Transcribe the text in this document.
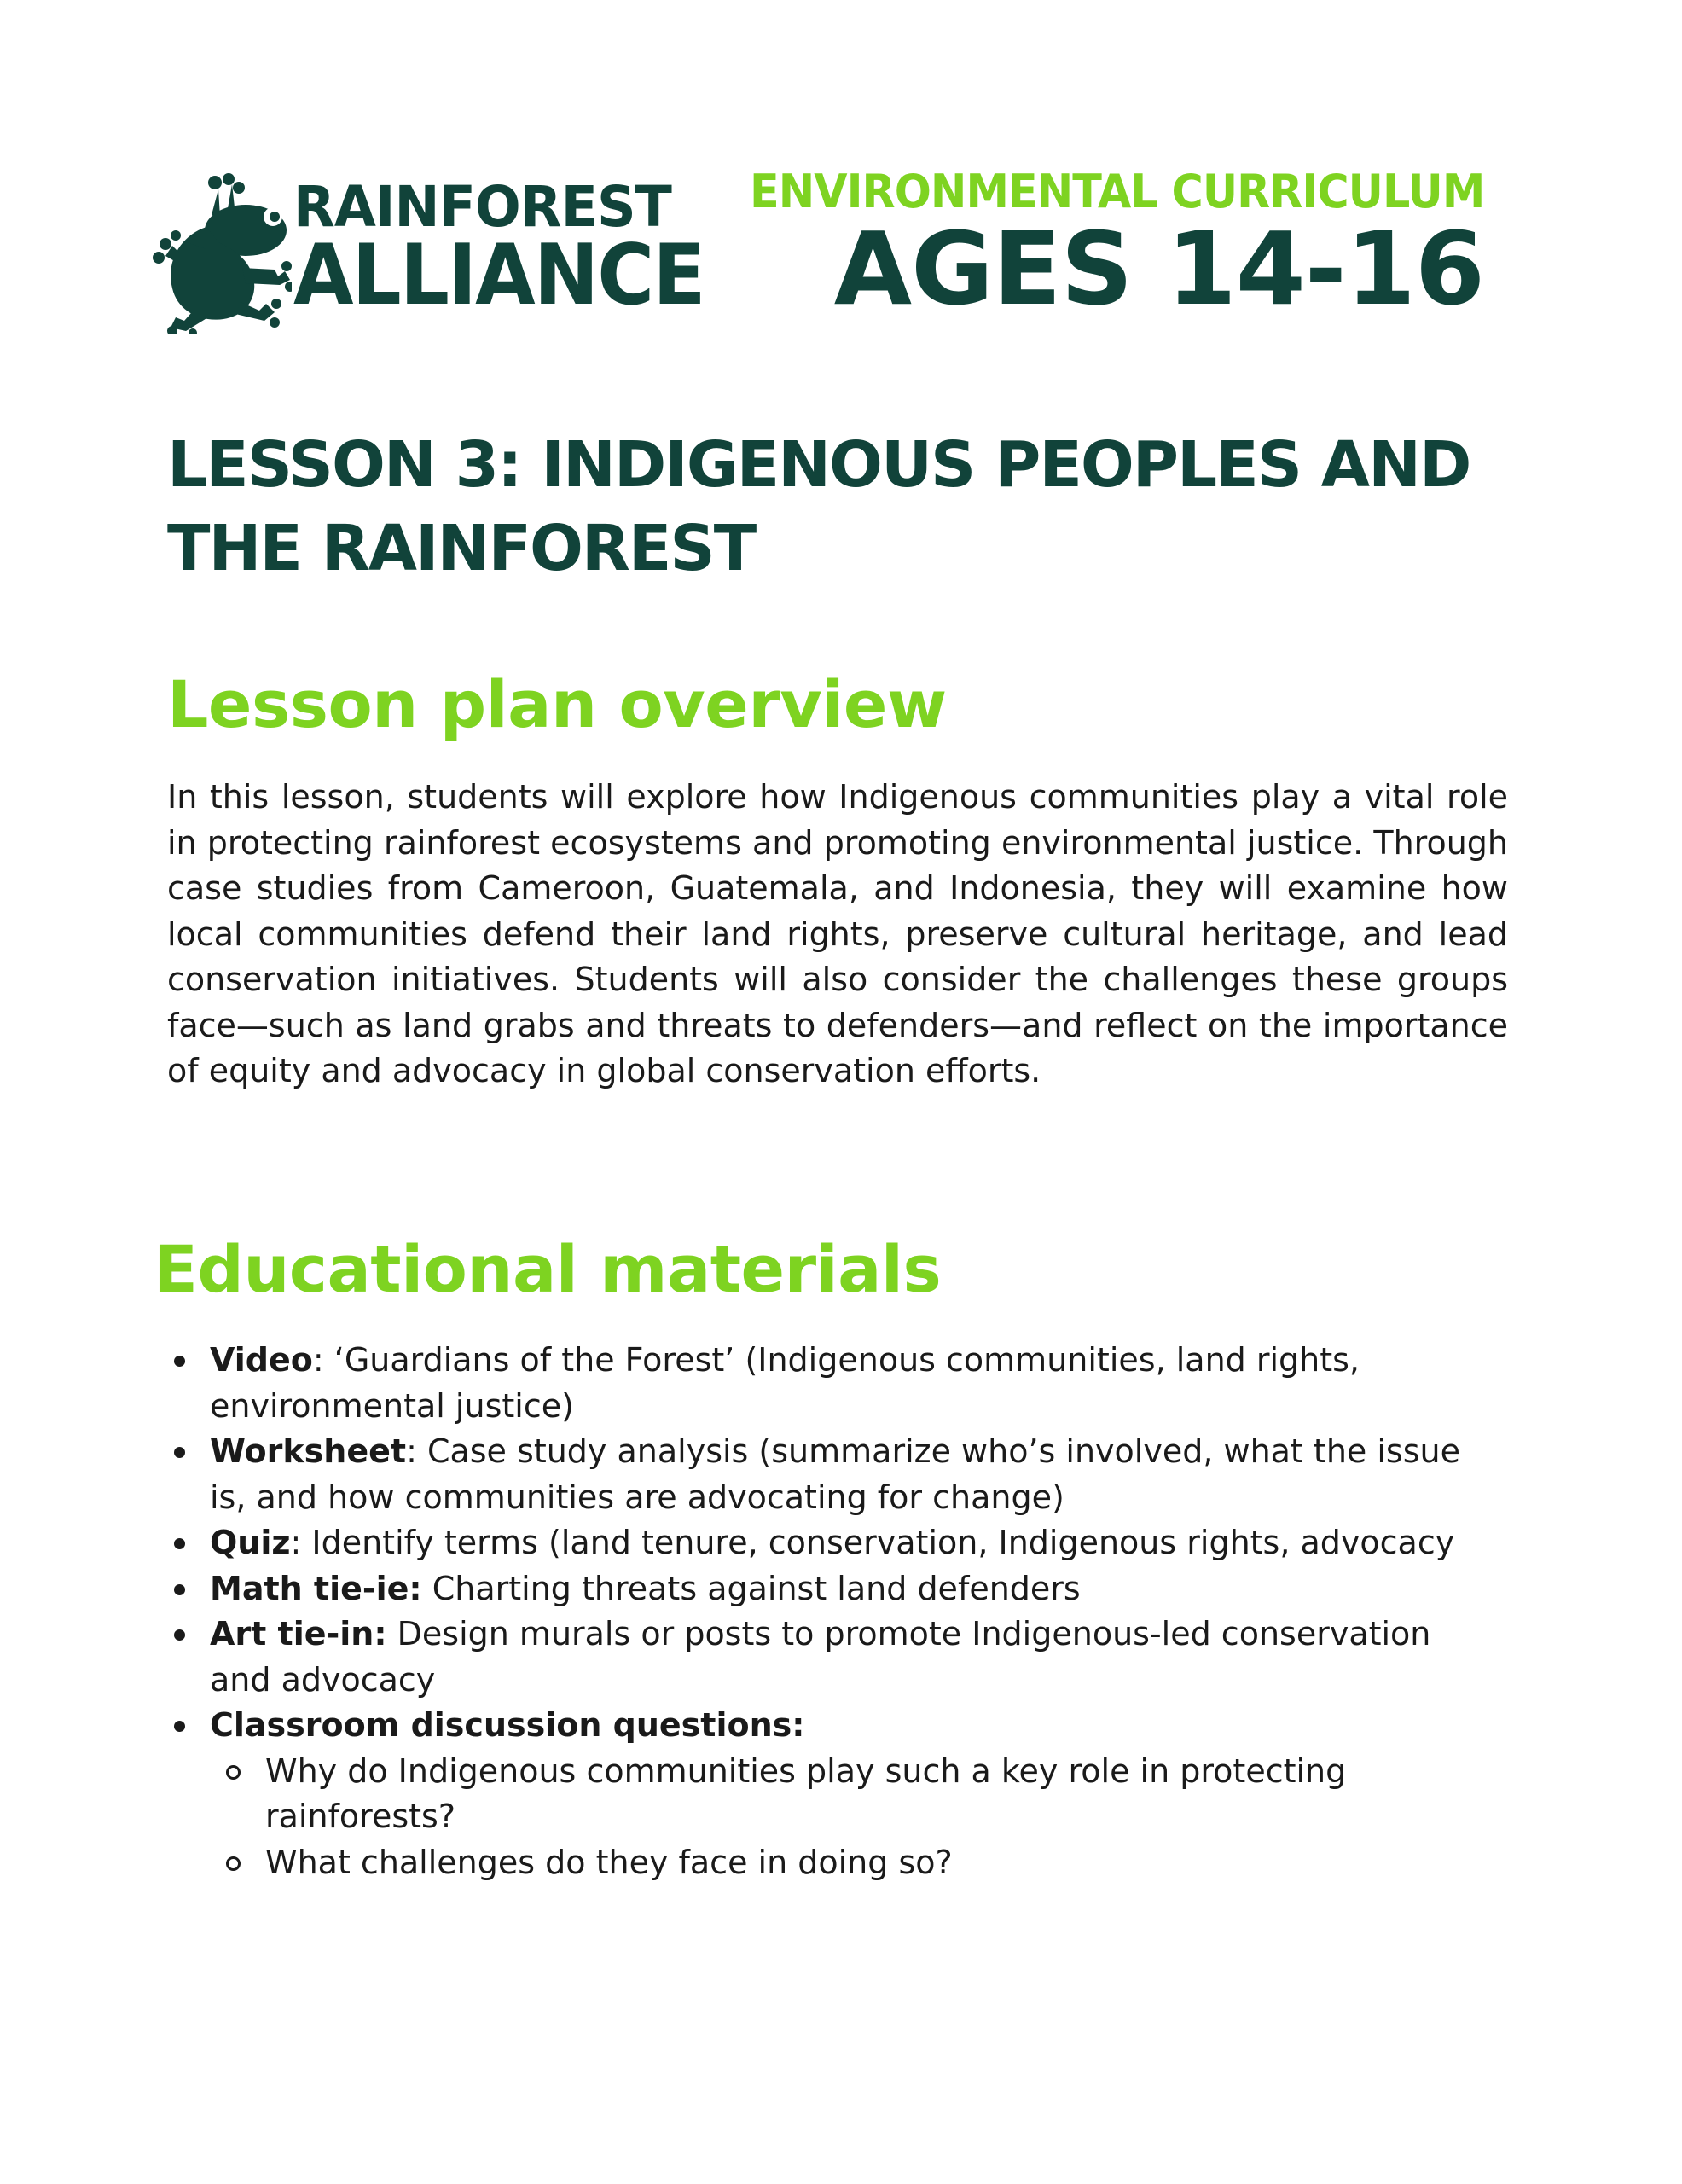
RAINFOREST
ALLIANCE
ENVIRONMENTAL CURRICULUM
AGES 14-16
LESSON 3: INDIGENOUS PEOPLES AND THE RAINFOREST
Lesson plan overview

In this lesson, students will explore how Indigenous communities play a vital role in protecting rainforest ecosystems and promoting environmental justice. Through case studies from Cameroon, Guatemala, and Indonesia, they will examine how local communities defend their land rights, preserve cultural heritage, and lead conservation initiatives. Students will also consider the challenges these groups face—such as land grabs and threats to defenders—and reflect on the importance of equity and advocacy in global conservation efforts.

Educational materials
Video: ‘Guardians of the Forest’ (Indigenous communities, land rights, environmental justice)
Worksheet: Case study analysis (summarize who’s involved, what the issue is, and how communities are advocating for change)
Quiz: Identify terms (land tenure, conservation, Indigenous rights, advocacy
Math tie-ie: Charting threats against land defenders
Art tie-in: Design murals or posts to promote Indigenous-led conservation and advocacy
Classroom discussion questions:
Why do Indigenous communities play such a key role in protecting rainforests?
What challenges do they face in doing so?
